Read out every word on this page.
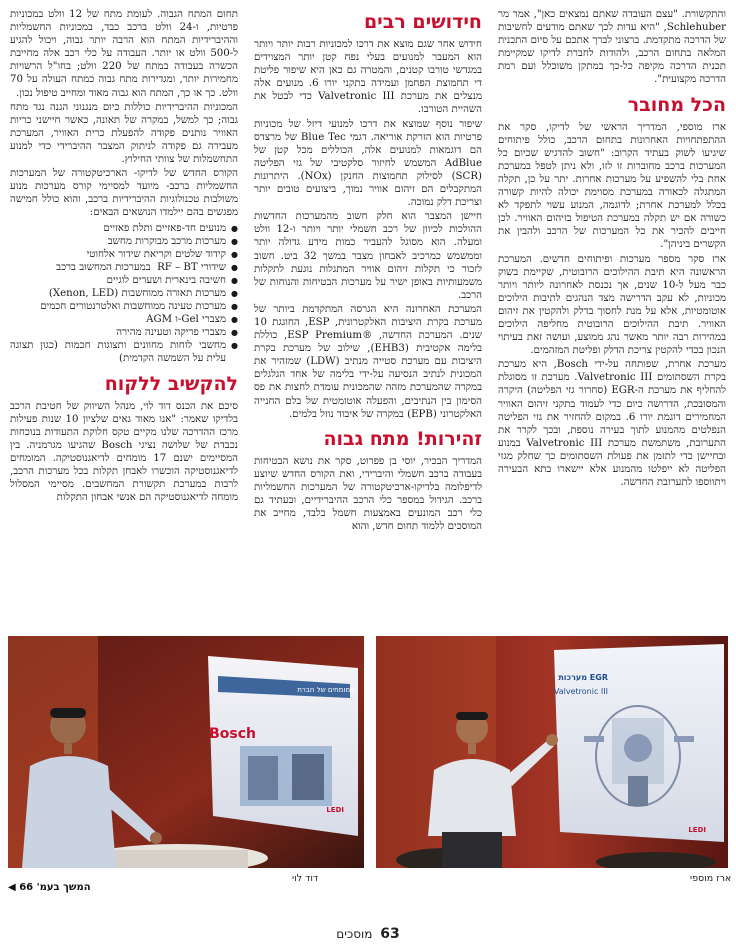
והתקשורת. "עצם העובדה שאתם נמצאים כאן", אמר מר Schlehuber, "היא עדות לכך שאתם מודעים לחשיבות של הדרכה מתקדמת. ברצוני לברך אתכם על סיום התכנית המלאה בתחום הרכב, ולהודות לחברת לדיקו שמקיימת תכנית הדרכה מקיפה כל-כך במתקן משוכלל ועם רמת הדרכה מקצועית".

הכל מחובר

ארז מוספי, המדריך הראשי של לדיקו, סקר את ההתפתחויות האחרונות בתחום הרכב, כולל פיתוחים שיגיעו לשוק בעתיד הקרוב: "חשוב להדגיש שכיום כל המערכות ברכב מחוברות זו לזו, ולא ניתן לטפל במערכת אחת בלי להשפיע על מערכות אחרות. יתר על כן, תקלה המתגלה לכאורה במערכת מסוימת יכולה להיות קשורה בכלל למערכת אחרת; לדוגמה, המנוע עשוי לתפקד לא כשורה אם יש תקלה במערכת הטיפול בזיהום האוויר. לכן חייבים להכיר את כל המערכות של הרכב ולהבין את הקשרים ביניהן".

ארז סקר מספר מערכות ופיתוחים חדשים. המערכת הראשונה היא תיבת ההילוכים הרובוטית, שקיימת בשוק כבר מעל ל-10 שנים, אך נכנסת לאחרונה ליותר ויותר מכוניות, לא עקב הדרישה מצד הנהגים לתיבות הילוכים אוטומטיות, אלא על מנת לחסוך בדלק ולהקטין את זיהום האוויר. תיבת ההילוכים הרובוטית מחליפה הילוכים במהירות רבה יותר מאשר נהג ממוצע, ועושה זאת בעיתוי הנכון בכדי להקטין צריכת הדלק ופליטת המזהמים.

מערכת אחרת, שפותחה על-ידי Bosch, היא מערכת בקרת השסתומים Valvetronic III. מערכת זו מסוגלת להחליף את מערכת ה-EGR (סחרור גזי הפליטה) היקרה והמסובכת, הדרושה כיום כדי לעמוד בתקני זיהום האוויר המחמירים דוגמת יורו 6. במקום להחזיר את גזי הפליטה הנפלטים מהמנוע לתוך בעירה נוספת, ובכך לקרר את התערובת, משתמשת מערכת Valvetronic III במנוע ובחיישן כדי לתזמן את פעולת השסתומים כך שחלק מגזי הפליטה לא ייפלטו מהמנוע אלא יישארו בתא הבעירה ויתווספו לתערובת החדשה.

חידושים רבים

חידוש אחר שגם מוצא את דרכו למכוניות רבות יותר ויותר הוא המעבר למנועים בעלי נפח קטן יותר המצוידים במגדשי טורבו קטנים, והמטרה גם כאן היא שיפור פליטת די תחמוצת הפחמן ועמידה בתקני יורו 6. מנועים אלה מנצלים את מערכת Valvetronic III כדי לבטל את השהיית הטורבו.

שיפור נוסף שמוצא את דרכו למנועי דיזל של מכוניות פרטיות הוא הזרקת אוריאה. דגמי Blue Tec של מרצדס הם דוגמאות למנועים אלה, הכוללים מכל קטן של AdBlue המשמש לחיזור סלקטיבי של גזי הפליטה (SCR) לסילוק תחמוצות החנקן (NOx). היתרונות המתקבלים הם זיהום אוויר נמוך, ביצועים טובים יותר וצריכת דלק נמוכה.

חיישן המצבר הוא חלק חשוב מהמערכות החדשות ההולכות לכיוון של רכב חשמלי יותר ויותר ו-12 וולט ומעלה. הוא מסוגל להעביר כמות מידע גדולה יותר וממשמש כמרכיב לאבחון מצבר במשך 32 ביט. חשוב לזכור כי תקלות זיהום אוויר המתגלות נוגעת לתקלות משמעותיות באופן ישיר על מערכות הבטיחות והנוחות של הרכב.

המערכת האחרונה היא הגרסה המתקדמת ביותר של מערכת בקרת היציבות האלקטרונית, ESP, החוגגת 10 שנים. המערכת החדשה, ®ESP Premium, כוללת בלימה אקטיבית (EHB3), שילוב של מערכת בקרת היציבות עם מערכת סטייה מנתיב (LDW) שמזהיר את המכונית לנתיב הנסיעה על-ידי בלימה של אחד הגלגלים במקרה שהמערכת מזהה שהמכונית עומדת לחצות את פס הסימון בין הנתיבים, והפעלה אוטומטית של בלם החנייה האלקטרוני (EPB) במקרה של איבוד נוזל בלמים.

זהירות! מתח גבוה

המדריך הבכיר, יוסי בן פפרוט, סקר את נושא הבטיחות בעבודה ברכב חשמלי והיברידי, ואת הקורס החדש שיוצע לדיפלומה בלדיקו-ארכיטקטורה של המערכות החשמליות ברכב. הגידול במספר כלי הרכב ההיברידיים, ובעתיד גם כלי רכב המונעים באמצעות חשמל בלבד, מחייב את המוסכים ללמוד תחום חדש, והוא

תחום המתח הגבוה. לעומת מתח של 12 וולט במכוניות פרטיות, ו-24 וולט ברכב כבד, במכוניות החשמליות וההיברידיות המתח הוא הרבה יותר גבוה, ויכול להגיע ל-500 וולט או יותר. העבודה על כלי רכב אלה מחייבת הכשרה בעבודה במתח של 220 וולט; בחו"ל הרשויות מחמירות יותר, ומגדירות מתח גבוה כמתח העולה על 70 וולט. כך או כך, המתח הוא גבוה מאוד ומחייב טיפול נכון.

המכוניות ההיברידיות כוללות כיום מנגנוני הגנה נגד מתח גבוה; כך למשל, במקרה של תאונה, כאשר חיישני כריות האוויר נותנים פקודה להפעלת כרית האוויר, המערכת מעבירה גם פקודה לניתוק המצבר ההיברידי כדי למנוע התחשמלות של צוותי החילוץ.

הקורס החדש של לדיקו- הארכיטקטורה של המערכות החשמליות ברכב- מיועד למסיימי קורס מערכות מנוע משולבות טכנולוגיות ההיברידיות ברכב, והוא כולל חמישה מפגשים בהם יילמדו הנושאים הבאים:

● מנועים חד-פאזיים ותלת פאזיים
● מערכות מרכב מבוקרות מחשב
● קידוד שלטים וקריאת שידור אלחוטי
● שידורי RF – BT ‏ במערכות המחשוב ברכב
● חשיבה בינארית ושערים לוגיים
● מערכות תאורה ממוחשבות (Xenon, LED)
● מערכות טעינה ממוחשבות ואלטרנטורים חכמים
● מצברי Gel-ו AGM
● מצברי פריקה וטעינה מהירה
● מחשבי לוחות מחוונים ותצוגות חכמות (כגון תצוגה עלית על השמשה הקדמית)
להקשיב ללקוח

סיכם את הכנס דוד לוי, מנהל השיווק של חטיבת הרכב בלדיקו שאמר: "אנו מאוד גאים שלציון 10 שנות פעילות מרכז ההדרכה שלנו מקיים טקס חלוקת התעודות בנוכחות נכבדת של שלושה נציגי Bosch שהגיעו מגרמניה. בין המסיימים ישנם 17 מומחים לדיאגנוסטיקה. המומחים לדיאגנוסטיקה הוכשרו לאבחן תקלות בכל מערכות הרכב, לרבות במערכת תקשורת המחשבים. מסיימי המסלול מומחה לדיאגנוסטיקה הם אנשי אבחון התקלות

המומחים של חברת
Bosch
LEDI
EGR מערכות
Valvetronic III
LEDI
דוד לוי	ארז מוספי
המשך בעמ' 66 ◀
63 מוסכים
